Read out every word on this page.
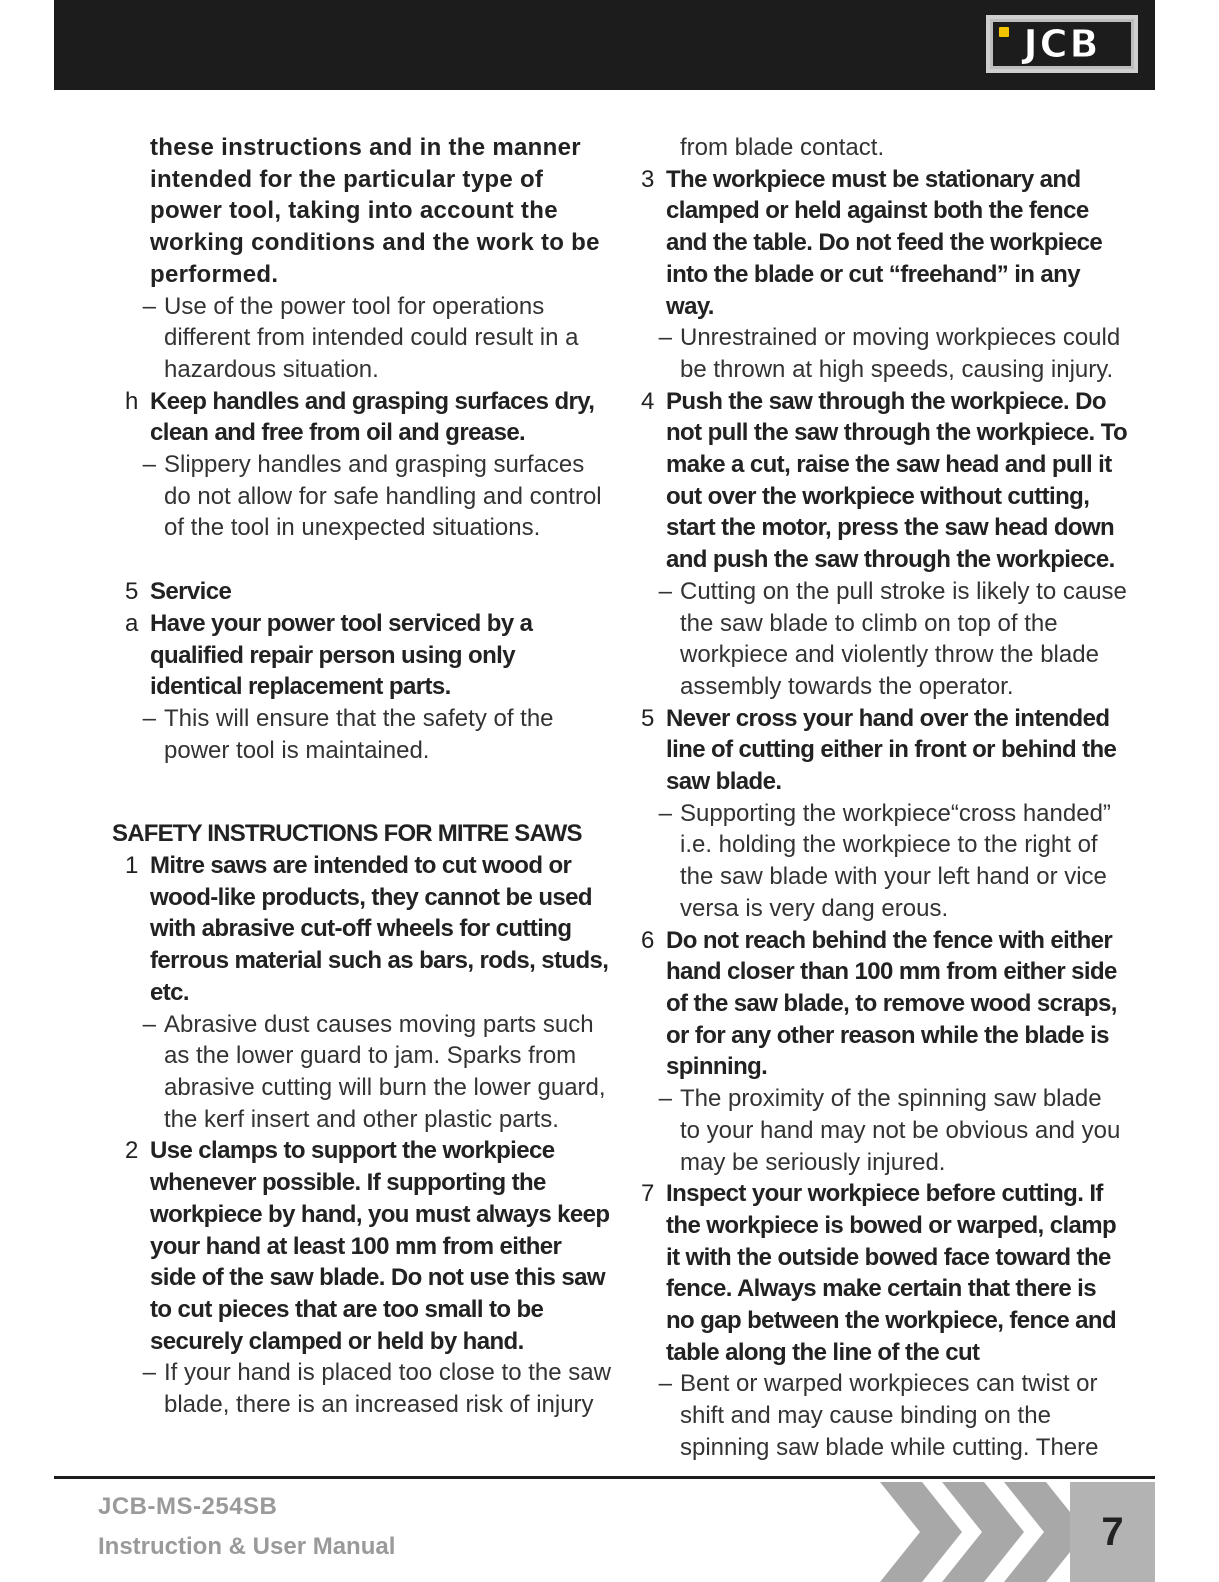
JCB
these instructions and in the manner intended for the particular type of power tool, taking into account the working conditions and the work to be performed.
– Use of the power tool for operations different from intended could result in a hazardous situation.
h Keep handles and grasping surfaces dry, clean and free from oil and grease.
– Slippery handles and grasping surfaces do not allow for safe handling and control of the tool in unexpected situations.
5 Service
a Have your power tool serviced by a qualified repair person using only identical replacement parts.
– This will ensure that the safety of the power tool is maintained.
SAFETY INSTRUCTIONS FOR MITRE SAWS
1 Mitre saws are intended to cut wood or wood-like products, they cannot be used with abrasive cut-off wheels for cutting ferrous material such as bars, rods, studs, etc.
– Abrasive dust causes moving parts such as the lower guard to jam. Sparks from abrasive cutting will burn the lower guard, the kerf insert and other plastic parts.
2 Use clamps to support the workpiece whenever possible. If supporting the workpiece by hand, you must always keep your hand at least 100 mm from either side of the saw blade. Do not use this saw to cut pieces that are too small to be securely clamped or held by hand.
– If your hand is placed too close to the saw blade, there is an increased risk of injury
from blade contact.
3 The workpiece must be stationary and clamped or held against both the fence and the table. Do not feed the workpiece into the blade or cut “freehand” in any way.
– Unrestrained or moving workpieces could be thrown at high speeds, causing injury.
4 Push the saw through the workpiece. Do not pull the saw through the workpiece. To make a cut, raise the saw head and pull it out over the workpiece without cutting, start the motor, press the saw head down and push the saw through the workpiece.
– Cutting on the pull stroke is likely to cause the saw blade to climb on top of the workpiece and violently throw the blade assembly towards the operator.
5 Never cross your hand over the intended line of cutting either in front or behind the saw blade.
– Supporting the workpiece“cross handed” i.e. holding the workpiece to the right of the saw blade with your left hand or vice versa is very dang erous.
6 Do not reach behind the fence with either hand closer than 100 mm from either side of the saw blade, to remove wood scraps, or for any other reason while the blade is spinning.
– The proximity of the spinning saw blade to your hand may not be obvious and you may be seriously injured.
7 Inspect your workpiece before cutting. If the workpiece is bowed or warped, clamp it with the outside bowed face toward the fence. Always make certain that there is no gap between the workpiece, fence and table along the line of the cut
– Bent or warped workpieces can twist or shift and may cause binding on the spinning saw blade while cutting. There
JCB-MS-254SB
Instruction & User Manual	7
